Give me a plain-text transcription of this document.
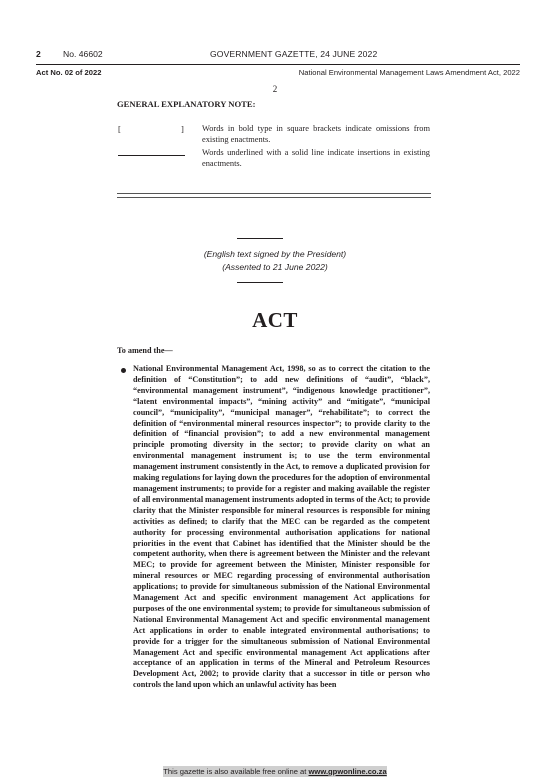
2	No. 46602	GOVERNMENT GAZETTE, 24 JUNE 2022
Act No. 02 of 2022	National Environmental Management Laws Amendment Act, 2022
2
GENERAL EXPLANATORY NOTE:
[	] Words in bold type in square brackets indicate omissions from existing enactments.
Words underlined with a solid line indicate insertions in existing enactments.
(English text signed by the President)
(Assented to 21 June 2022)
ACT
To amend the—
National Environmental Management Act, 1998, so as to correct the citation to the definition of “Constitution”; to add new definitions of “audit”, “black”, “environmental management instrument”, “indigenous knowledge practitioner”, “latent environmental impacts”, “mining activity” and “mitigate”, “municipal council”, “municipality”, “municipal manager”, “rehabilitate”; to correct the definition of “environmental mineral resources inspector”; to provide clarity to the definition of “financial provision”; to add a new environmental management principle promoting diversity in the sector; to provide clarity on what an environmental management instrument is; to use the term environmental management instrument consistently in the Act, to remove a duplicated provision for making regulations for laying down the procedures for the adoption of environmental management instruments; to provide for a register and making available the register of all environmental management instruments adopted in terms of the Act; to provide clarity that the Minister responsible for mineral resources is responsible for mining activities as defined; to clarify that the MEC can be regarded as the competent authority for processing environmental authorisation applications for national priorities in the event that Cabinet has identified that the Minister should be the competent authority, when there is agreement between the Minister and the relevant MEC; to provide for agreement between the Minister, Minister responsible for mineral resources or MEC regarding processing of environmental authorisation applications; to provide for simultaneous submission of the National Environmental Management Act and specific environment management Act applications for purposes of the one environmental system; to provide for simultaneous submission of National Environmental Management Act and specific environmental management Act applications in order to enable integrated environmental authorisations; to provide for a trigger for the simultaneous submission of National Environmental Management Act and specific environmental management Act applications after acceptance of an application in terms of the Mineral and Petroleum Resources Development Act, 2002; to provide clarity that a successor in title or person who controls the land upon which an unlawful activity has been
This gazette is also available free online at www.gpwonline.co.za
